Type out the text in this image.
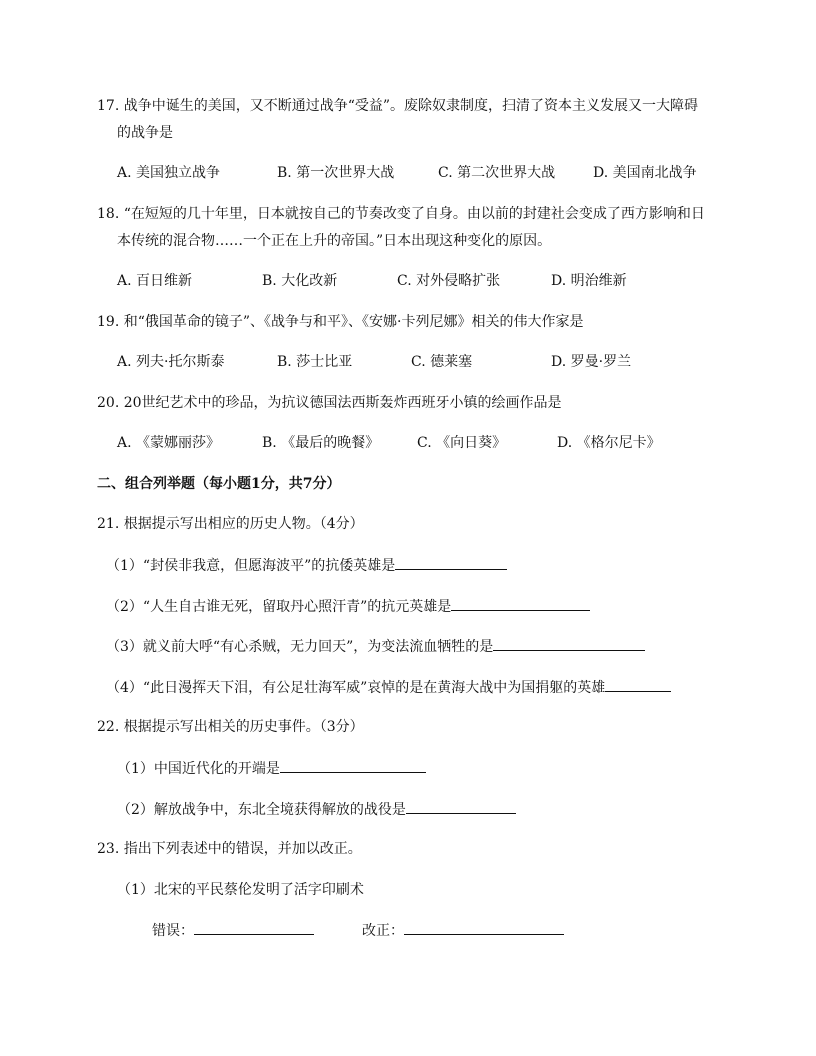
17. 战争中诞生的美国，又不断通过战争“受益”。废除奴隶制度，扫清了资本主义发展又一大障碍
的战争是
A. 美国独立战争	B. 第一次世界大战	C. 第二次世界大战	D. 美国南北战争
18. “在短短的几十年里，日本就按自己的节奏改变了自身。由以前的封建社会变成了西方影响和日
本传统的混合物……一个正在上升的帝国。”日本出现这种变化的原因。
A. 百日维新	B. 大化改新	C. 对外侵略扩张	D. 明治维新
19. 和“俄国革命的镜子”、《战争与和平》、《安娜·卡列尼娜》相关的伟大作家是
A. 列夫·托尔斯泰	B. 莎士比亚	C. 德莱塞	D. 罗曼·罗兰
20. 20世纪艺术中的珍品，为抗议德国法西斯轰炸西班牙小镇的绘画作品是
A. 《蒙娜丽莎》	B. 《最后的晚餐》	C. 《向日葵》	D. 《格尔尼卡》
二、组合列举题（每小题1分，共7分）
21. 根据提示写出相应的历史人物。（4分）
（1）“封侯非我意，但愿海波平”的抗倭英雄是
（2）“人生自古谁无死，留取丹心照汗青”的抗元英雄是
（3）就义前大呼“有心杀贼，无力回天”，为变法流血牺牲的是
（4）“此日漫挥天下泪，有公足壮海军威”哀悼的是在黄海大战中为国捐躯的英雄
22. 根据提示写出相关的历史事件。（3分）
（1）中国近代化的开端是
（2）解放战争中，东北全境获得解放的战役是
23. 指出下列表述中的错误，并加以改正。
（1）北宋的平民蔡伦发明了活字印刷术
错误：	改正：
